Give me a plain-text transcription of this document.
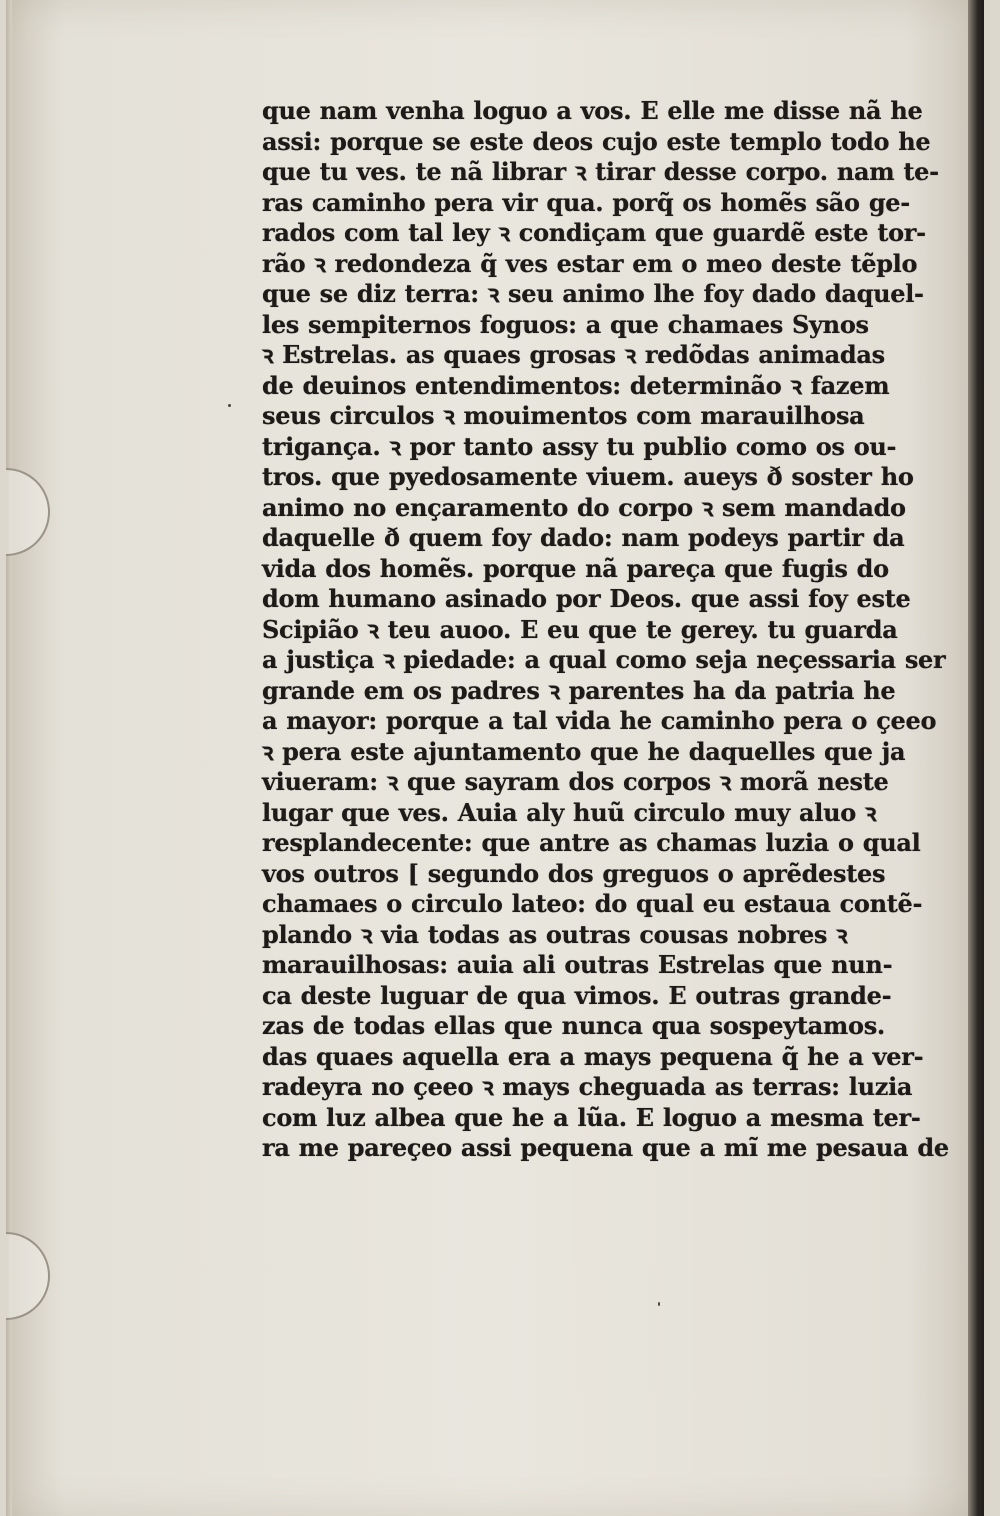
que nam venha loguo a vos. E elle me disse nã he
assi: porque se este deos cujo este templo todo he
que tu ves. te nã librar ꝛ tirar desse corpo. nam te-
ras caminho pera vir qua. porq̃ os homẽs são ge-
rados com tal ley ꝛ condiçam que guardẽ este tor-
rão ꝛ redondeza q̃ ves estar em o meo deste tẽplo
que se diz terra: ꝛ seu animo lhe foy dado daquel-
les sempiternos foguos: a que chamaes Synos
ꝛ Estrelas. as quaes grosas ꝛ redõdas animadas
de deuinos entendimentos: determinão ꝛ fazem
seus circulos ꝛ mouimentos com marauilhosa
trigança. ꝛ por tanto assy tu publio como os ou-
tros. que pyedosamente viuem. aueys ð soster ho
animo no ençaramento do corpo ꝛ sem mandado
daquelle ð quem foy dado: nam podeys partir da
vida dos homẽs. porque nã pareça que fugis do
dom humano asinado por Deos. que assi foy este
Scipião ꝛ teu auoo. E eu que te gerey. tu guarda
a justiça ꝛ piedade: a qual como seja neçessaria ser
grande em os padres ꝛ parentes ha da patria he
a mayor: porque a tal vida he caminho pera o çeeo
ꝛ pera este ajuntamento que he daquelles que ja
viueram: ꝛ que sayram dos corpos ꝛ morã neste
lugar que ves. Auia aly huũ circulo muy aluo ꝛ
resplandecente: que antre as chamas luzia o qual
vos outros [ segundo dos greguos o aprẽdestes
chamaes o circulo lateo: do qual eu estaua contẽ-
plando ꝛ via todas as outras cousas nobres ꝛ
marauilhosas: auia ali outras Estrelas que nun-
ca deste luguar de qua vimos. E outras grande-
zas de todas ellas que nunca qua sospeytamos.
das quaes aquella era a mays pequena q̃ he a ver-
radeyra no çeeo ꝛ mays cheguada as terras: luzia
com luz albea que he a lũa. E loguo a mesma ter-
ra me pareçeo assi pequena que a mĩ me pesaua de
